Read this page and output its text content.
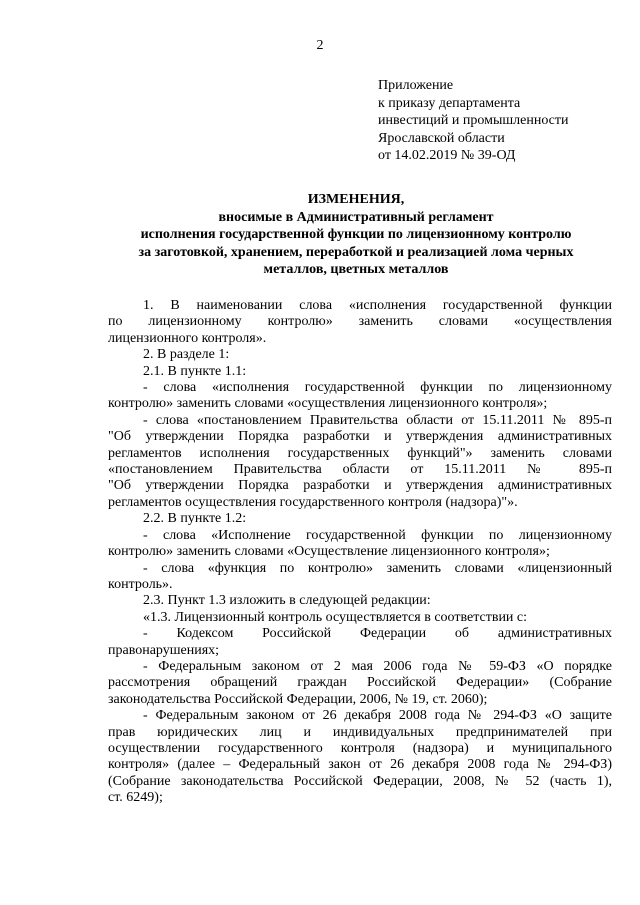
2
Приложение
к приказу департамента
инвестиций и промышленности
Ярославской области
от 14.02.2019 № 39-ОД
ИЗМЕНЕНИЯ,
вносимые в Административный регламент
исполнения государственной функции по лицензионному контролю
за заготовкой, хранением, переработкой и реализацией лома черных
металлов, цветных металлов
1. В наименовании слова «исполнения государственной функции
по лицензионному контролю» заменить словами «осуществления
лицензионного контроля».
2. В разделе 1:
2.1. В пункте 1.1:
- слова «исполнения государственной функции по лицензионному
контролю» заменить словами «осуществления лицензионного контроля»;
- слова «постановлением Правительства области от 15.11.2011 № 895-п
"Об утверждении Порядка разработки и утверждения административных
регламентов исполнения государственных функций"» заменить словами
«постановлением Правительства области от 15.11.2011 № 895-п
"Об утверждении Порядка разработки и утверждения административных
регламентов осуществления государственного контроля (надзора)"».
2.2. В пункте 1.2:
- слова «Исполнение государственной функции по лицензионному
контролю» заменить словами «Осуществление лицензионного контроля»;
- слова «функция по контролю» заменить словами «лицензионный
контроль».
2.3. Пункт 1.3 изложить в следующей редакции:
«1.3. Лицензионный контроль осуществляется в соответствии с:
- Кодексом Российской Федерации об административных
правонарушениях;
- Федеральным законом от 2 мая 2006 года № 59-ФЗ «О порядке
рассмотрения обращений граждан Российской Федерации» (Собрание
законодательства Российской Федерации, 2006, № 19, ст. 2060);
- Федеральным законом от 26 декабря 2008 года № 294-ФЗ «О защите
прав юридических лиц и индивидуальных предпринимателей при
осуществлении государственного контроля (надзора) и муниципального
контроля» (далее – Федеральный закон от 26 декабря 2008 года № 294-ФЗ)
(Собрание законодательства Российской Федерации, 2008, № 52 (часть 1),
ст. 6249);
